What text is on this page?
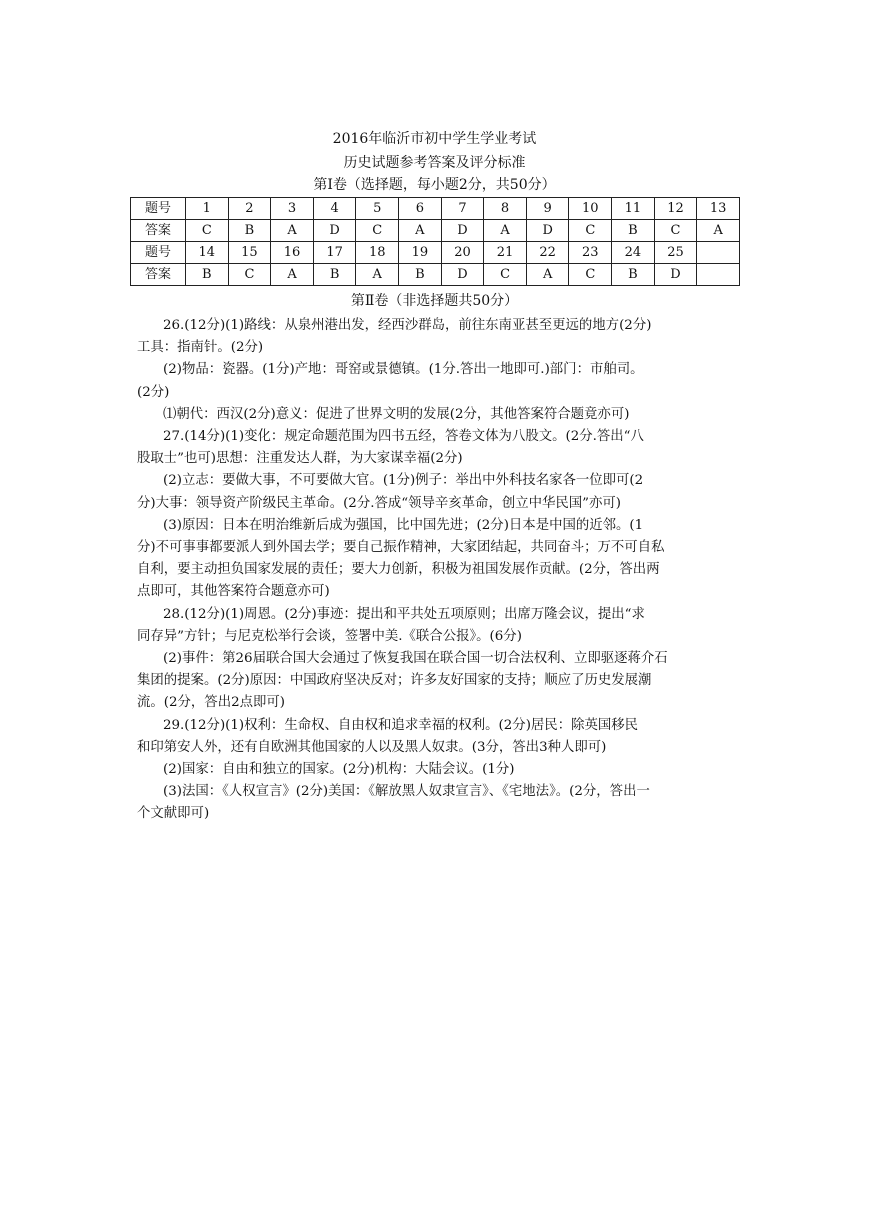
2016年临沂市初中学生学业考试
历史试题参考答案及评分标准
第Ⅰ卷（选择题，每小题2分，共50分）
题号	1	2	3	4	5	6	7	8	9	10	11	12	13
答案	C	B	A	D	C	A	D	A	D	C	B	C	A
题号	14	15	16	17	18	19	20	21	22	23	24	25	
答案	B	C	A	B	A	B	D	C	A	C	B	D	
第Ⅱ卷（非选择题共50分）

26.(12分)(1)路线：从泉州港出发，经西沙群岛，前往东南亚甚至更远的地方(2分)

工具：指南针。(2分)

(2)物品：瓷器。(1分)产地：哥窑或景德镇。(1分.答出一地即可.)部门：市舶司。

(2分)

⑴朝代：西汉(2分)意义：促进了世界文明的发展(2分，其他答案符合题竟亦可)

27.(14分)(1)变化：规定命题范围为四书五经，答卷文体为八股文。(2分.答出“八

股取士”也可)思想：注重发达人群，为大家谋幸福(2分)

(2)立志：要做大事，不可要做大官。(1分)例子：举出中外科技名家各一位即可(2

分)大事：领导资产阶级民主革命。(2分.答成“领导辛亥革命，创立中华民国”亦可)

(3)原因：日本在明治维新后成为强国，比中国先进；(2分)日本是中国的近邻。(1

分)不可事事都要派人到外国去学；要自己振作精神，大家团结起，共同奋斗；万不可自私

自利，要主动担负国家发展的责任；要大力创新，积极为祖国发展作贡献。(2分，答出两

点即可，其他答案符合题意亦可)

28.(12分)(1)周恩。(2分)事迹：提出和平共处五项原则；出席万隆会议，提出“求

同存异”方针；与尼克松举行会谈，签署中美.《联合公报》。(6分)

(2)事件：第26届联合国大会通过了恢复我国在联合国一切合法权利、立即驱逐蒋介石

集团的提案。(2分)原因：中国政府坚决反对；许多友好国家的支持；顺应了历史发展潮

流。(2分，答出2点即可)

29.(12分)(1)权利：生命权、自由权和追求幸福的权利。(2分)居民：除英国移民

和印第安人外，还有自欧洲其他国家的人以及黑人奴隶。(3分，答出3种人即可)

(2)国家：自由和独立的国家。(2分)机构：大陆会议。(1分)

(3)法国：《人权宣言》(2分)美国：《解放黑人奴隶宣言》、《宅地法》。(2分，答出一

个文献即可)
